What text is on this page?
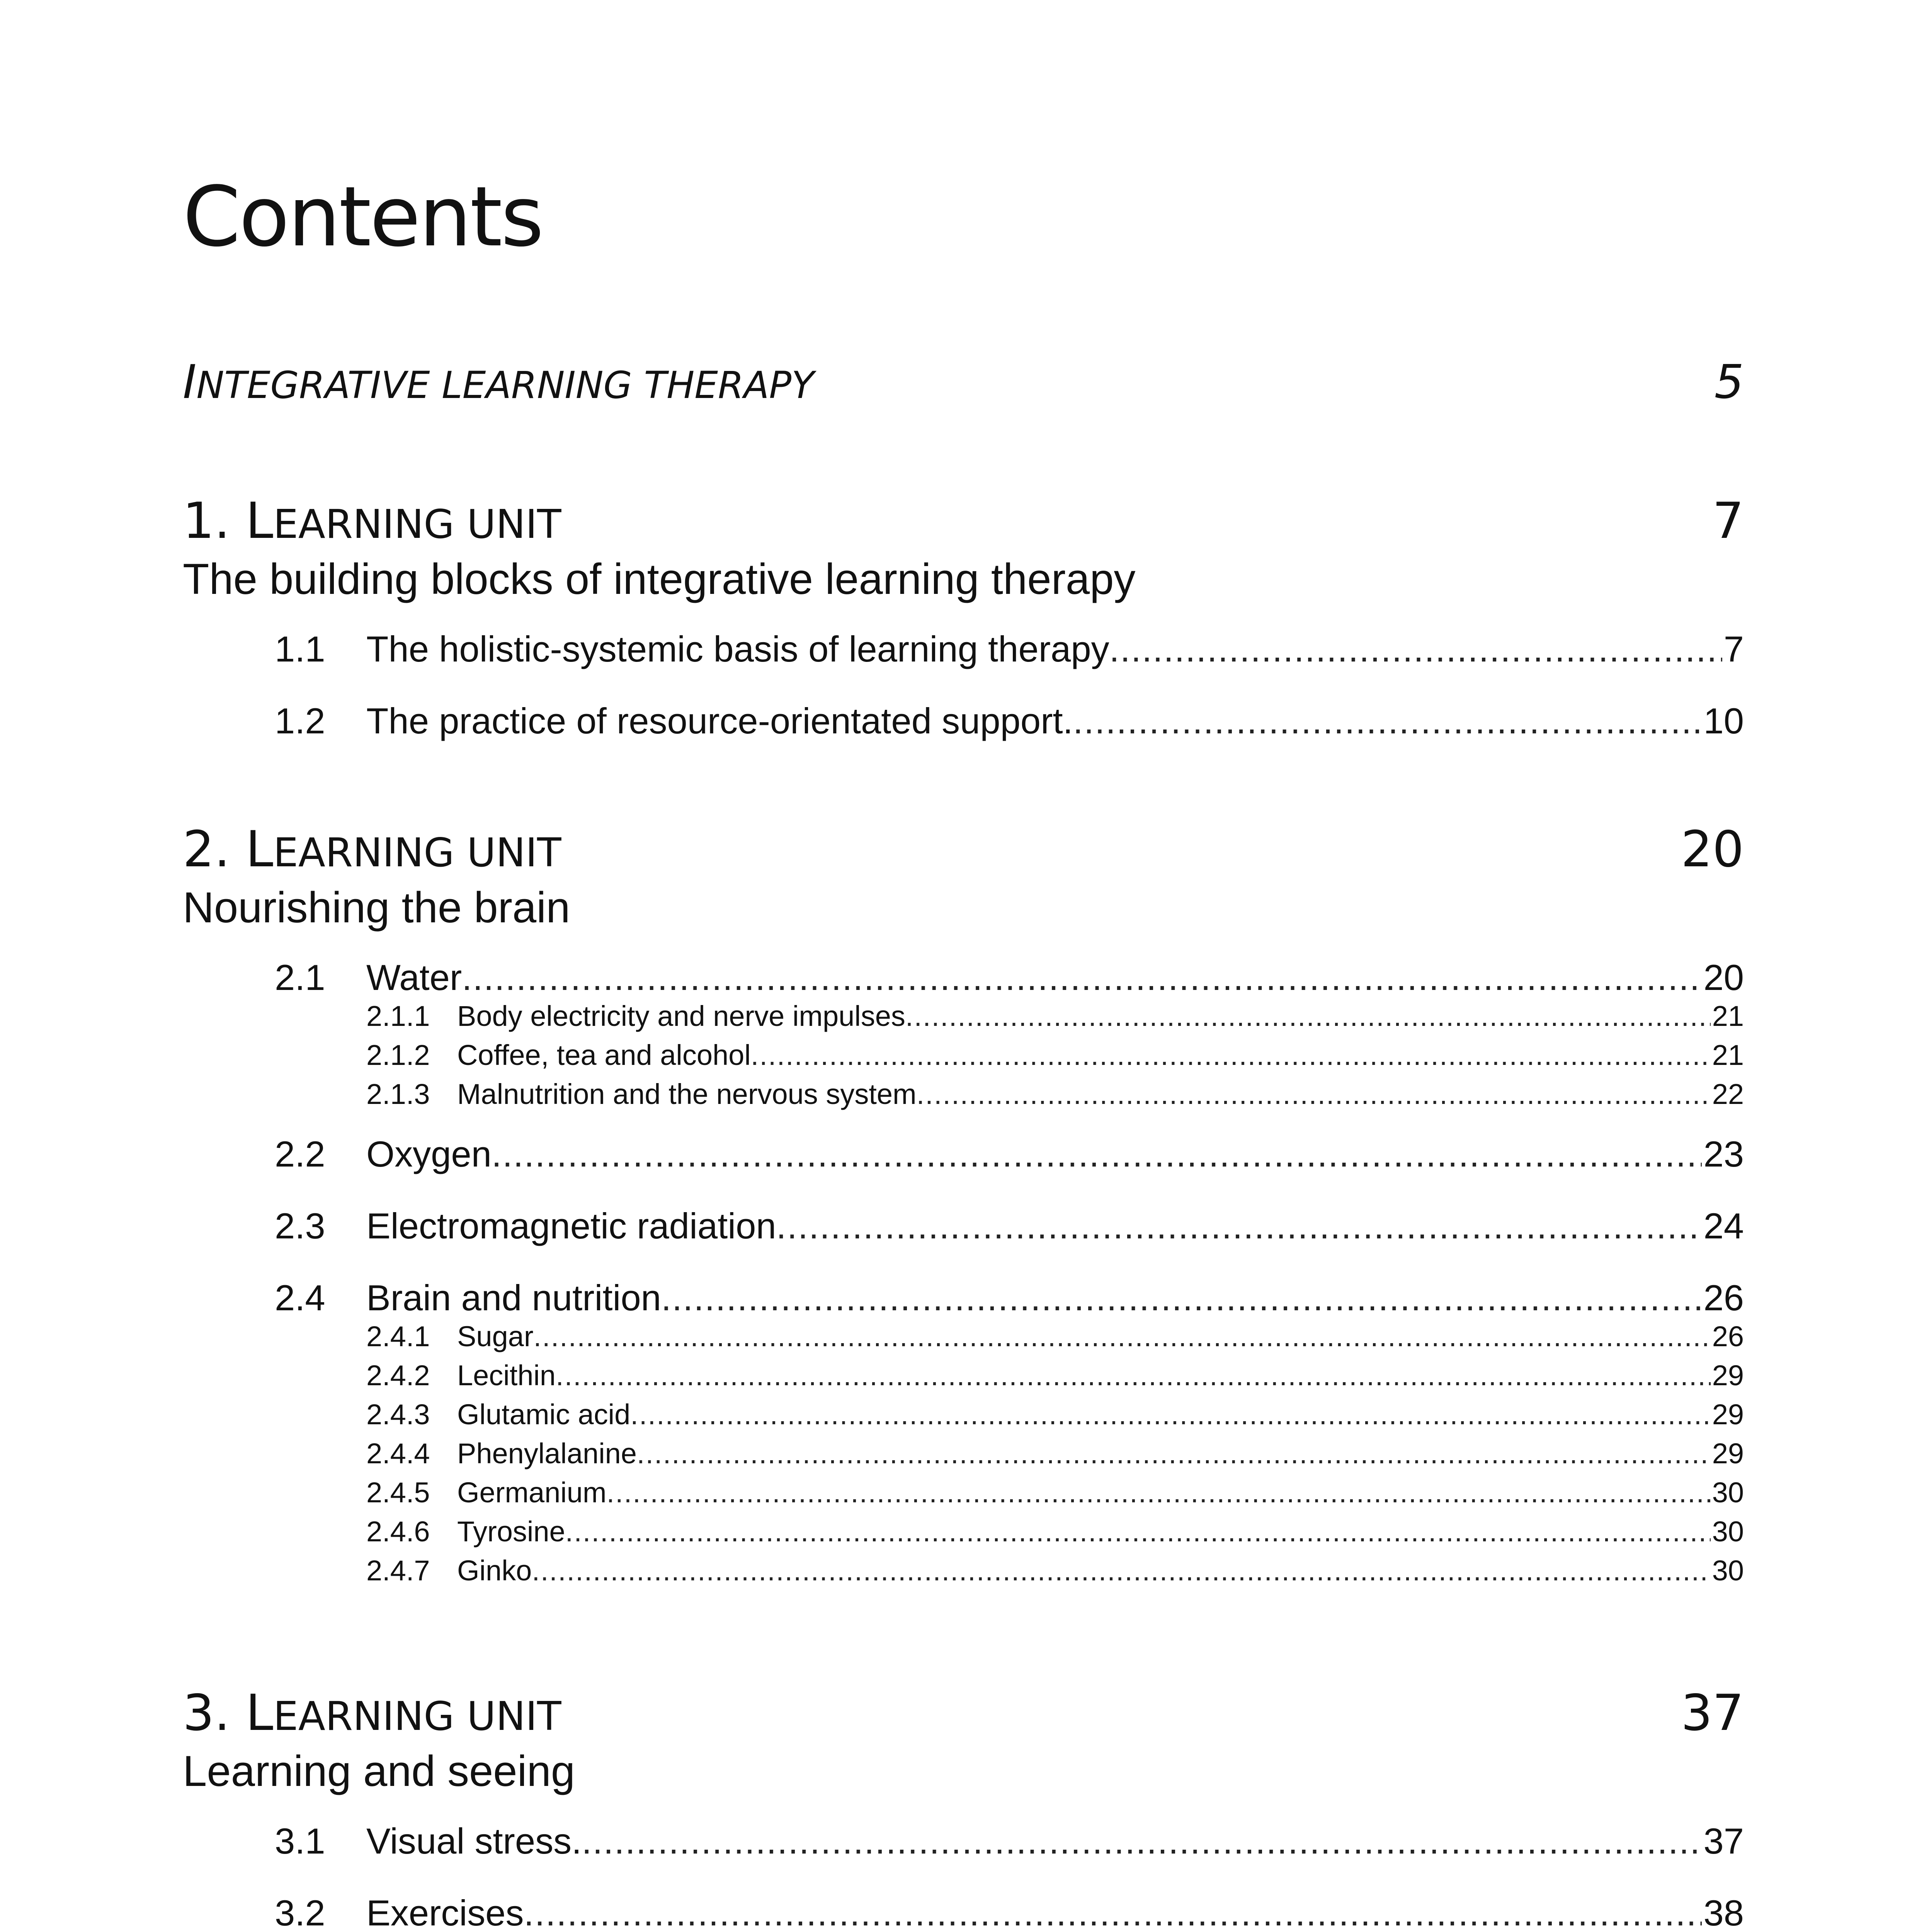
Contents
INTEGRATIVE LEARNING THERAPY	5
1. LEARNING UNIT	7
The building blocks of integrative learning therapy
1.1	The holistic-systemic basis of learning therapy .....	7
1.2	The practice of resource-orientated support. .....	10
2. LEARNING UNIT	20
Nourishing the brain
2.1	Water .....	20
2.1.1 Body electricity and nerve impulses .....	21
2.1.2 Coffee, tea and alcohol .....	21
2.1.3 Malnutrition and the nervous system .....	22
2.2	Oxygen .....	23
2.3	Electromagnetic radiation .....	24
2.4	Brain and nutrition .....	26
2.4.1 Sugar .....	26
2.4.2 Lecithin .....	29
2.4.3 Glutamic acid .....	29
2.4.4 Phenylalanine .....	29
2.4.5 Germanium .....	30
2.4.6 Tyrosine .....	30
2.4.7 Ginko .....	30
3. LEARNING UNIT	37
Learning and seeing
3.1	Visual stress. .....	37
3.2	Exercises .....	38
